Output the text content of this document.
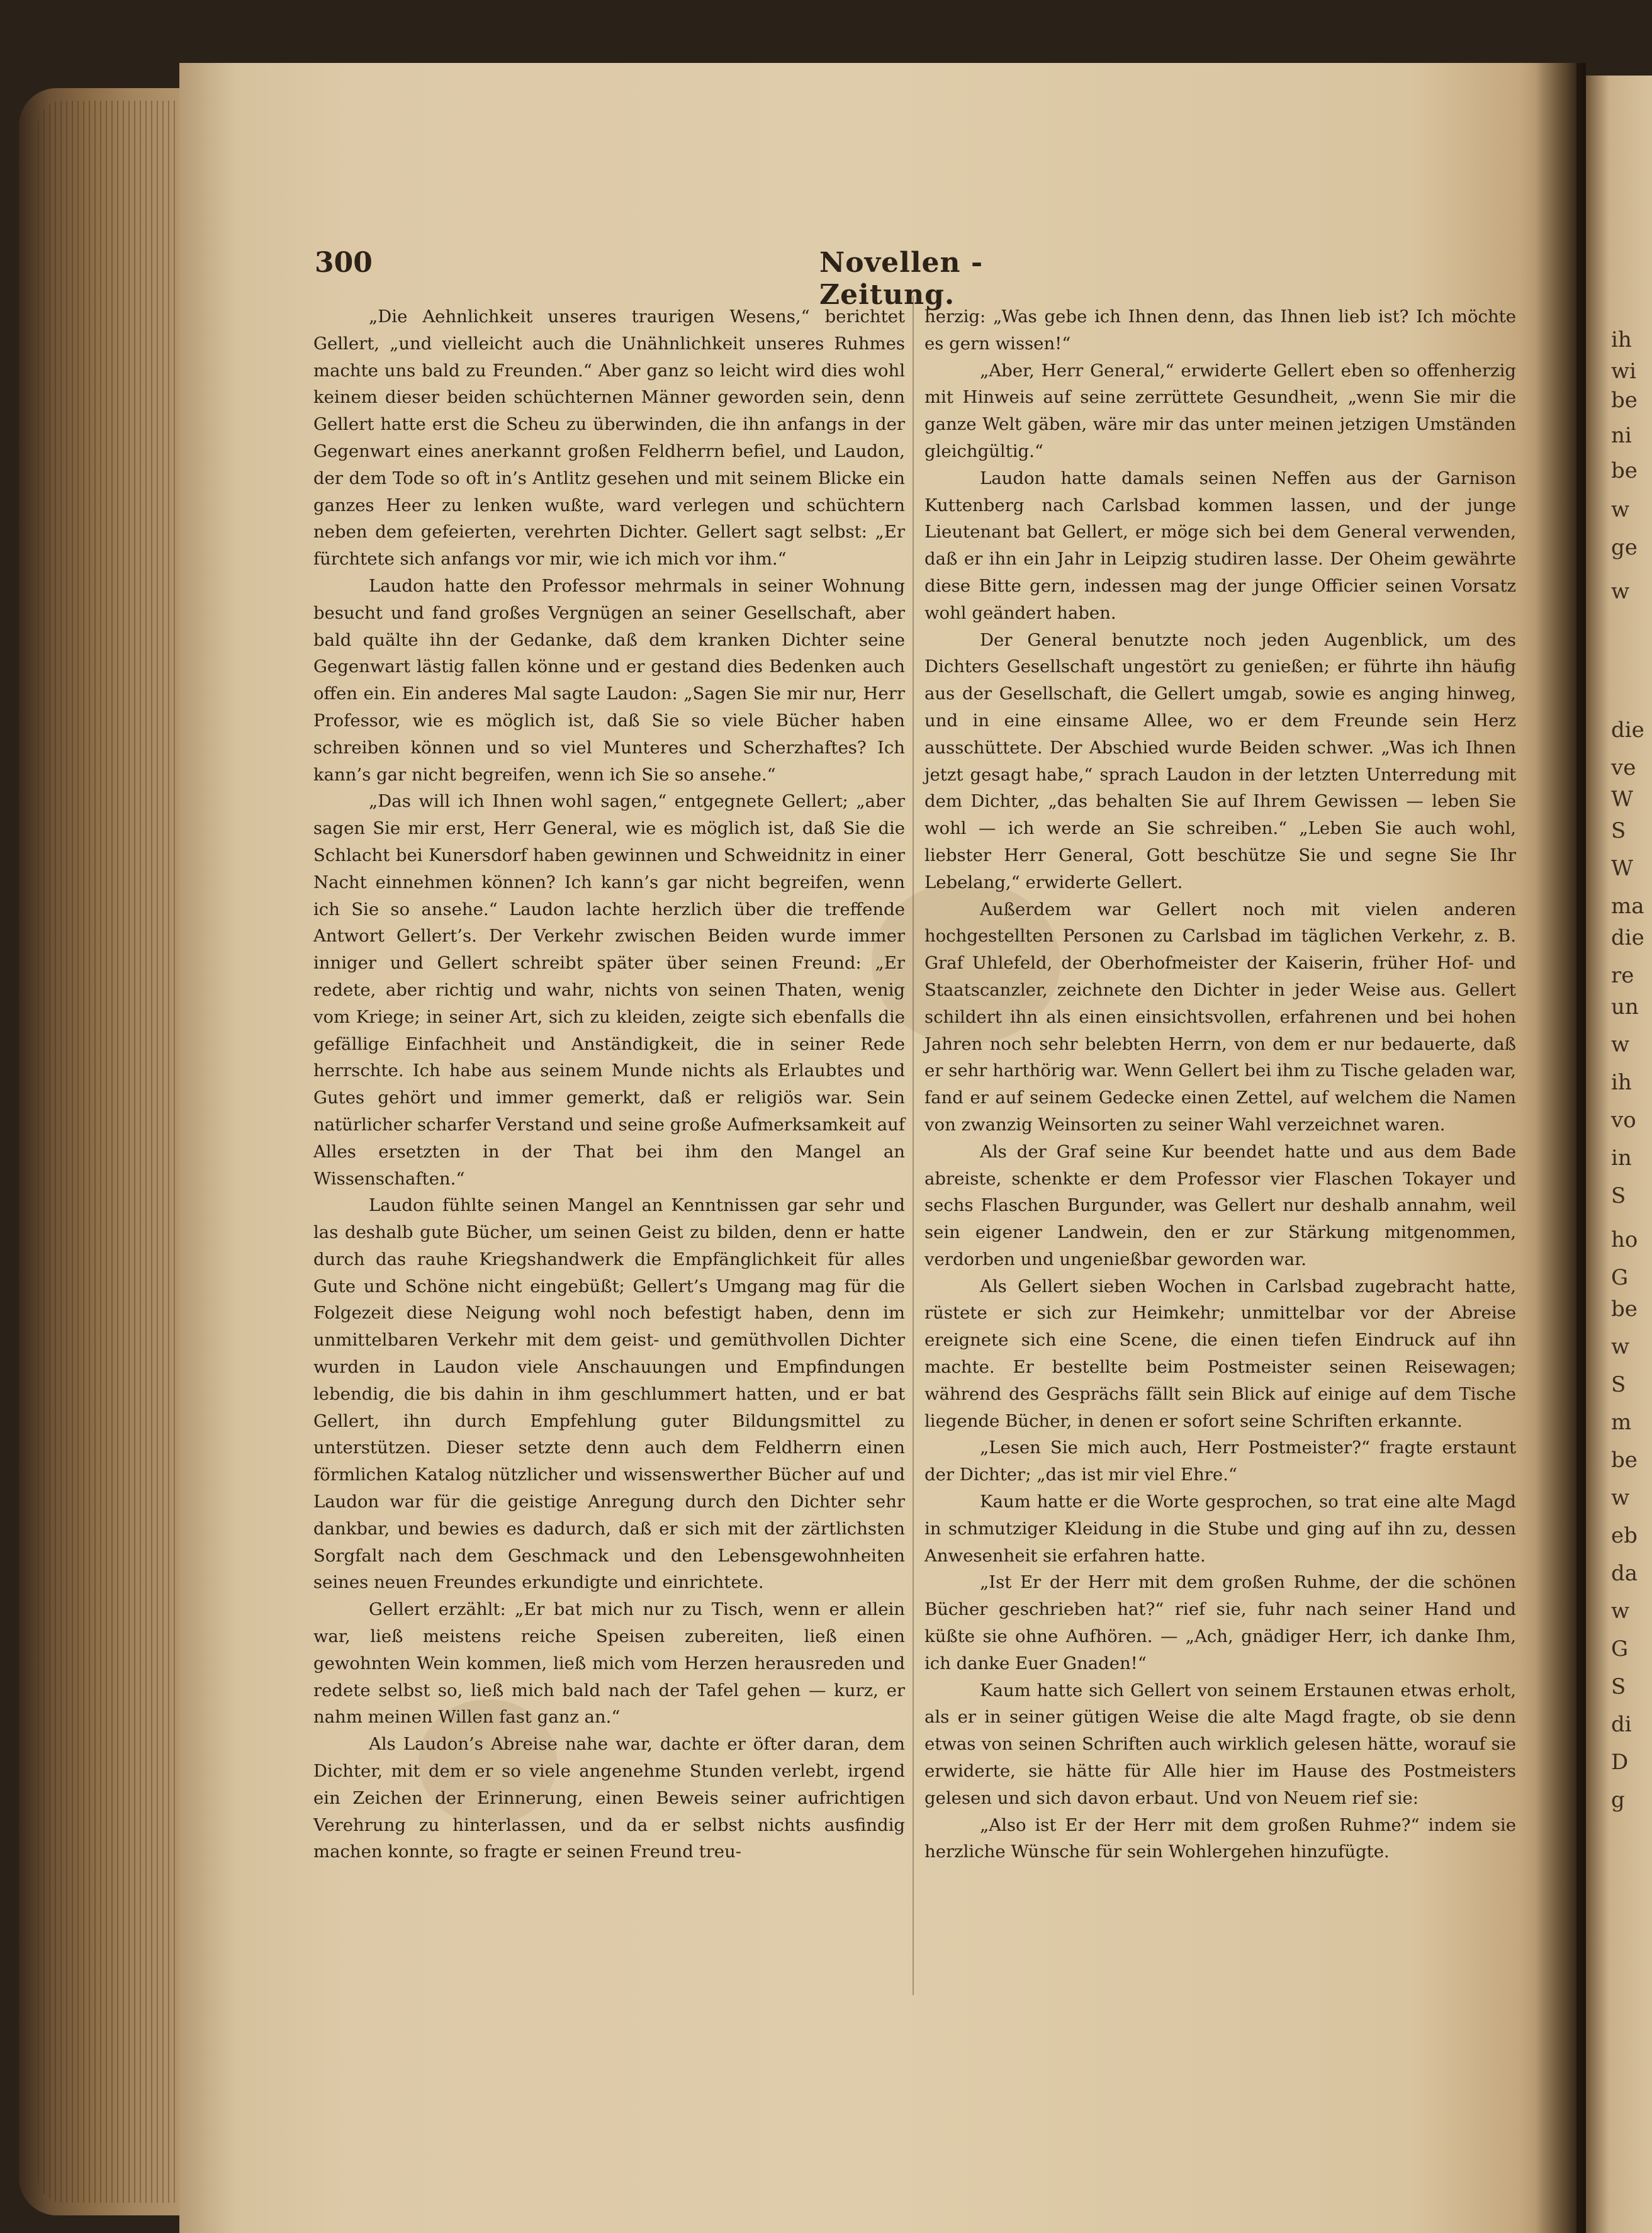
ih
wi
be
ni
be
w
ge
w
die
ve
W
S
W
ma
die
re
un
w
ih
vo
in
S
ho
G
be
w
S
m
be
w
eb
da
w
G
S
di
D
g
300	Novellen - Zeitung.

„Die Aehnlichkeit unseres traurigen Wesens,“ berichtet Gellert, „und vielleicht auch die Unähnlichkeit unseres Ruhmes machte uns bald zu Freunden.“ Aber ganz so leicht wird dies wohl keinem dieser beiden schüchternen Männer geworden sein, denn Gellert hatte erst die Scheu zu überwinden, die ihn anfangs in der Gegenwart eines anerkannt großen Feldherrn befiel, und Laudon, der dem Tode so oft in’s Antlitz gesehen und mit seinem Blicke ein ganzes Heer zu lenken wußte, ward verlegen und schüchtern neben dem gefeierten, verehrten Dichter. Gellert sagt selbst: „Er fürchtete sich anfangs vor mir, wie ich mich vor ihm.“

Laudon hatte den Professor mehrmals in seiner Wohnung besucht und fand großes Vergnügen an seiner Gesellschaft, aber bald quälte ihn der Gedanke, daß dem kranken Dichter seine Gegenwart lästig fallen könne und er gestand dies Bedenken auch offen ein. Ein anderes Mal sagte Laudon: „Sagen Sie mir nur, Herr Professor, wie es möglich ist, daß Sie so viele Bücher haben schreiben können und so viel Munteres und Scherzhaftes? Ich kann’s gar nicht begreifen, wenn ich Sie so ansehe.“

„Das will ich Ihnen wohl sagen,“ entgegnete Gellert; „aber sagen Sie mir erst, Herr General, wie es möglich ist, daß Sie die Schlacht bei Kunersdorf haben gewinnen und Schweidnitz in einer Nacht einnehmen können? Ich kann’s gar nicht begreifen, wenn ich Sie so ansehe.“ Laudon lachte herzlich über die treffende Antwort Gellert’s. Der Verkehr zwischen Beiden wurde immer inniger und Gellert schreibt später über seinen Freund: „Er redete, aber richtig und wahr, nichts von seinen Thaten, wenig vom Kriege; in seiner Art, sich zu kleiden, zeigte sich ebenfalls die gefällige Einfachheit und Anständigkeit, die in seiner Rede herrschte. Ich habe aus seinem Munde nichts als Erlaubtes und Gutes gehört und immer gemerkt, daß er religiös war. Sein natürlicher scharfer Verstand und seine große Aufmerksamkeit auf Alles ersetzten in der That bei ihm den Mangel an Wissenschaften.“

Laudon fühlte seinen Mangel an Kenntnissen gar sehr und las deshalb gute Bücher, um seinen Geist zu bilden, denn er hatte durch das rauhe Kriegshandwerk die Empfänglichkeit für alles Gute und Schöne nicht eingebüßt; Gellert’s Umgang mag für die Folgezeit diese Neigung wohl noch befestigt haben, denn im unmittelbaren Verkehr mit dem geist- und gemüthvollen Dichter wurden in Laudon viele Anschauungen und Empfindungen lebendig, die bis dahin in ihm geschlummert hatten, und er bat Gellert, ihn durch Empfehlung guter Bildungsmittel zu unterstützen. Dieser setzte denn auch dem Feldherrn einen förmlichen Katalog nützlicher und wissenswerther Bücher auf und Laudon war für die geistige Anregung durch den Dichter sehr dankbar, und bewies es dadurch, daß er sich mit der zärtlichsten Sorgfalt nach dem Geschmack und den Lebensgewohnheiten seines neuen Freundes erkundigte und einrichtete.

Gellert erzählt: „Er bat mich nur zu Tisch, wenn er allein war, ließ meistens reiche Speisen zubereiten, ließ einen gewohnten Wein kommen, ließ mich vom Herzen herausreden und redete selbst so, ließ mich bald nach der Tafel gehen — kurz, er nahm meinen Willen fast ganz an.“

Als Laudon’s Abreise nahe war, dachte er öfter daran, dem Dichter, mit dem er so viele angenehme Stunden verlebt, irgend ein Zeichen der Erinnerung, einen Beweis seiner aufrichtigen Verehrung zu hinterlassen, und da er selbst nichts ausfindig machen konnte, so fragte er seinen Freund treu-

herzig: „Was gebe ich Ihnen denn, das Ihnen lieb ist? Ich möchte es gern wissen!“

„Aber, Herr General,“ erwiderte Gellert eben so offenherzig mit Hinweis auf seine zerrüttete Gesundheit, „wenn Sie mir die ganze Welt gäben, wäre mir das unter meinen jetzigen Umständen gleichgültig.“

Laudon hatte damals seinen Neffen aus der Garnison Kuttenberg nach Carlsbad kommen lassen, und der junge Lieutenant bat Gellert, er möge sich bei dem General verwenden, daß er ihn ein Jahr in Leipzig studiren lasse. Der Oheim gewährte diese Bitte gern, indessen mag der junge Officier seinen Vorsatz wohl geändert haben.

Der General benutzte noch jeden Augenblick, um des Dichters Gesellschaft ungestört zu genießen; er führte ihn häufig aus der Gesellschaft, die Gellert umgab, sowie es anging hinweg, und in eine einsame Allee, wo er dem Freunde sein Herz ausschüttete. Der Abschied wurde Beiden schwer. „Was ich Ihnen jetzt gesagt habe,“ sprach Laudon in der letzten Unterredung mit dem Dichter, „das behalten Sie auf Ihrem Gewissen — leben Sie wohl — ich werde an Sie schreiben.“ „Leben Sie auch wohl, liebster Herr General, Gott beschütze Sie und segne Sie Ihr Lebelang,“ erwiderte Gellert.

Außerdem war Gellert noch mit vielen anderen hochgestellten Personen zu Carlsbad im täglichen Verkehr, z. B. Graf Uhlefeld, der Oberhofmeister der Kaiserin, früher Hof- und Staatscanzler, zeichnete den Dichter in jeder Weise aus. Gellert schildert ihn als einen einsichtsvollen, erfahrenen und bei hohen Jahren noch sehr belebten Herrn, von dem er nur bedauerte, daß er sehr harthörig war. Wenn Gellert bei ihm zu Tische geladen war, fand er auf seinem Gedecke einen Zettel, auf welchem die Namen von zwanzig Weinsorten zu seiner Wahl verzeichnet waren.

Als der Graf seine Kur beendet hatte und aus dem Bade abreiste, schenkte er dem Professor vier Flaschen Tokayer und sechs Flaschen Burgunder, was Gellert nur deshalb annahm, weil sein eigener Landwein, den er zur Stärkung mitgenommen, verdorben und ungenießbar geworden war.

Als Gellert sieben Wochen in Carlsbad zugebracht hatte, rüstete er sich zur Heimkehr; unmittelbar vor der Abreise ereignete sich eine Scene, die einen tiefen Eindruck auf ihn machte. Er bestellte beim Postmeister seinen Reisewagen; während des Gesprächs fällt sein Blick auf einige auf dem Tische liegende Bücher, in denen er sofort seine Schriften erkannte.

„Lesen Sie mich auch, Herr Postmeister?“ fragte erstaunt der Dichter; „das ist mir viel Ehre.“

Kaum hatte er die Worte gesprochen, so trat eine alte Magd in schmutziger Kleidung in die Stube und ging auf ihn zu, dessen Anwesenheit sie erfahren hatte.

„Ist Er der Herr mit dem großen Ruhme, der die schönen Bücher geschrieben hat?“ rief sie, fuhr nach seiner Hand und küßte sie ohne Aufhören. — „Ach, gnädiger Herr, ich danke Ihm, ich danke Euer Gnaden!“

Kaum hatte sich Gellert von seinem Erstaunen etwas erholt, als er in seiner gütigen Weise die alte Magd fragte, ob sie denn etwas von seinen Schriften auch wirklich gelesen hätte, worauf sie erwiderte, sie hätte für Alle hier im Hause des Postmeisters gelesen und sich davon erbaut. Und von Neuem rief sie:

„Also ist Er der Herr mit dem großen Ruhme?“ indem sie herzliche Wünsche für sein Wohlergehen hinzufügte.
